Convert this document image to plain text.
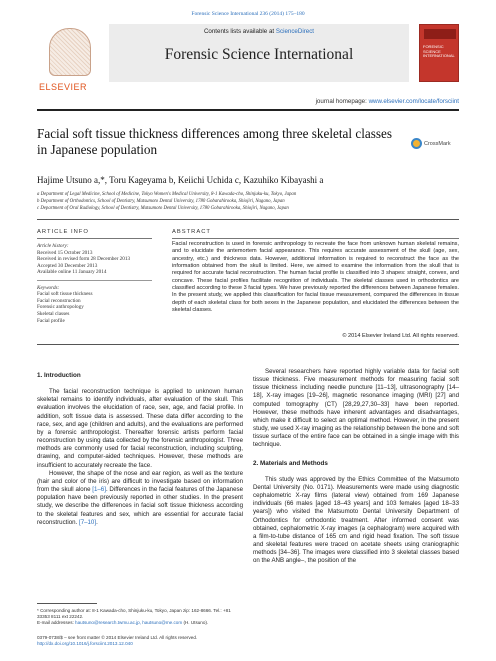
Forensic Science International 236 (2014) 175–180
ELSEVIER
Contents lists available at ScienceDirect
Forensic Science International	FORENSIC SCIENCE INTERNATIONAL
journal homepage: www.elsevier.com/locate/forsciint
Facial soft tissue thickness differences among three skeletal classes in Japanese population	CrossMark
Hajime Utsuno a,*, Toru Kageyama b, Keiichi Uchida c, Kazuhiko Kibayashi a
a Department of Legal Medicine, School of Medicine, Tokyo Women's Medical University, 8-1 Kawada-cho, Shinjuku-ku, Tokyo, Japan
b Department of Orthodontics, School of Dentistry, Matsumoto Dental University, 1780 Gobarahirooka, Shiojiri, Nagano, Japan
c Department of Oral Radiology, School of Dentistry, Matsumoto Dental University, 1780 Gobarahirooka, Shiojiri, Nagano, Japan
ARTICLE INFO	ABSTRACT
Article history:
Received 15 October 2013
Received in revised form 28 December 2013
Accepted 30 December 2013
Available online 11 January 2014
Keywords:
Facial soft tissue thickness
Facial reconstruction
Forensic anthropology
Skeletal classes
Facial profile
Facial reconstruction is used in forensic anthropology to recreate the face from unknown human skeletal remains, and to elucidate the antemortem facial appearance. This requires accurate assessment of the skull (age, sex, ancestry, etc.) and thickness data. However, additional information is required to reconstruct the face as the information obtained from the skull is limited. Here, we aimed to examine the information from the skull that is required for accurate facial reconstruction. The human facial profile is classified into 3 shapes: straight, convex, and concave. These facial profiles facilitate recognition of individuals. The skeletal classes used in orthodontics are classified according to these 3 facial types. We have previously reported the differences between Japanese females. In the present study, we applied this classification for facial tissue measurement, compared the differences in tissue depth of each skeletal class for both sexes in the Japanese population, and elucidated the differences between the skeletal classes.
© 2014 Elsevier Ireland Ltd. All rights reserved.
1. Introduction

The facial reconstruction technique is applied to unknown human skeletal remains to identify individuals, after evaluation of the skull. This evaluation involves the elucidation of race, sex, age, and facial profile. In addition, soft tissue data is assessed. These data differ according to the race, sex, and age (children and adults), and the evaluations are performed by a forensic anthropologist. Thereafter forensic artists perform facial reconstruction by using data collected by the forensic anthropologist. Three methods are commonly used for facial reconstruction, including sculpting, drawing, and computer-aided techniques. However, these methods are insufficient to accurately recreate the face.

However, the shape of the nose and ear region, as well as the texture (hair and color of the iris) are difficult to investigate based on information from the skull alone [1–6]. Differences in the facial features of the Japanese population have been previously reported in other studies. In the present study, we describe the differences in facial soft tissue thickness according to the skeletal features and sex, which are essential for accurate facial reconstruction. [7–10].

Several researchers have reported highly variable data for facial soft tissue thickness. Five measurement methods for measuring facial soft tissue thickness including needle puncture [11–13], ultrasonography [14–18], X-ray images [19–26], magnetic resonance imaging (MRI) [27] and computed tomography (CT) [28,29,27,30–33] have been reported. However, these methods have inherent advantages and disadvantages, which make it difficult to select an optimal method. However, in the present study, we used X-ray imaging as the relationship between the bone and soft tissue surface of the entire face can be obtained in a single image with this technique.

2. Materials and Methods

This study was approved by the Ethics Committee of the Matsumoto Dental University (No. 0171). Measurements were made using diagnostic cephalometric X-ray films (lateral view) obtained from 169 Japanese individuals (66 males [aged 18–43 years] and 103 females [aged 18–33 years]) who visited the Matsumoto Dental University Department of Orthodontics for orthodontic treatment. After informed consent was obtained, cephalometric X-ray images (a cephalogram) were acquired with a film-to-tube distance of 165 cm and rigid head fixation. The soft tissue and skeletal features were traced on acetate sheets using craniographic methods [34–36]. The images were classified into 3 skeletal classes based on the ANB angle–, the position of the

* Corresponding author at: 8-1 Kawada-cho, Shinjuku-ku, Tokyo, Japan zip: 162-8666. Tel.: +81 33353 8111 ext 22242.
E-mail addresses: hautsuno@research.twmu.ac.jp, hautsuno@me.com (H. Utsuno).
0379-0738/$ – see front matter © 2014 Elsevier Ireland Ltd. All rights reserved.
http://dx.doi.org/10.1016/j.forsciint.2013.12.040
